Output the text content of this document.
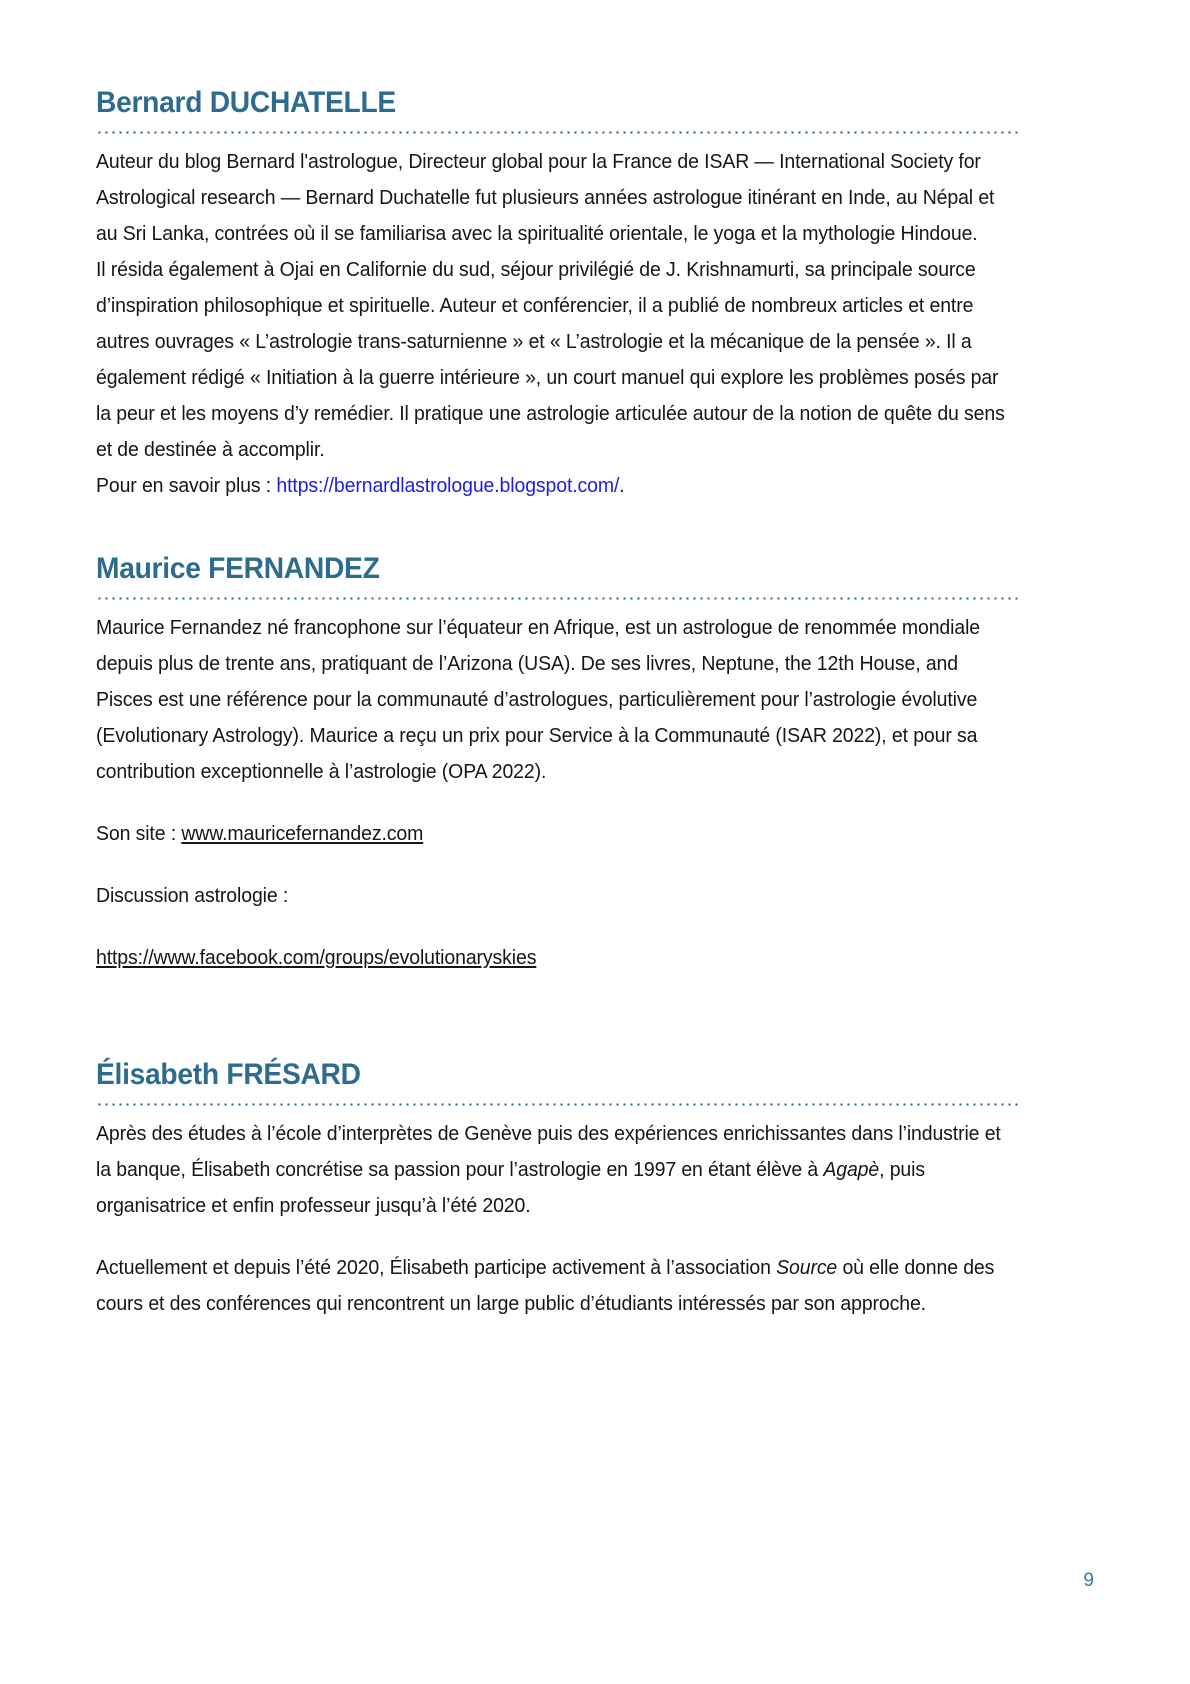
Bernard DUCHATELLE

Auteur du blog Bernard l'astrologue, Directeur global pour la France de ISAR — International Society for Astrological research — Bernard Duchatelle fut plusieurs années astrologue itinérant en Inde, au Népal et au Sri Lanka, contrées où il se familiarisa avec la spiritualité orientale, le yoga et la mythologie Hindoue.

Il résida également à Ojai en Californie du sud, séjour privilégié de J. Krishnamurti, sa principale source d’inspiration philosophique et spirituelle. Auteur et conférencier, il a publié de nombreux articles et entre autres ouvrages « L’astrologie trans-saturnienne » et « L’astrologie et la mécanique de la pensée ». Il a également rédigé « Initiation à la guerre intérieure », un court manuel qui explore les problèmes posés par la peur et les moyens d’y remédier. Il pratique une astrologie articulée autour de la notion de quête du sens et de destinée à accomplir.

Pour en savoir plus : https://bernardlastrologue.blogspot.com/.

Maurice FERNANDEZ

Maurice Fernandez né francophone sur l’équateur en Afrique, est un astrologue de renommée mondiale depuis plus de trente ans, pratiquant de l’Arizona (USA). De ses livres, Neptune, the 12th House, and Pisces est une référence pour la communauté d’astrologues, particulièrement pour l’astrologie évolutive (Evolutionary Astrology). Maurice a reçu un prix pour Service à la Communauté (ISAR 2022), et pour sa contribution exceptionnelle à l’astrologie (OPA 2022).

Son site : www.mauricefernandez.com

Discussion astrologie :

https://www.facebook.com/groups/evolutionaryskies

Élisabeth FRÉSARD

Après des études à l’école d’interprètes de Genève puis des expériences enrichissantes dans l’industrie et la banque, Élisabeth concrétise sa passion pour l’astrologie en 1997 en étant élève à Agapè, puis organisatrice et enfin professeur jusqu’à l’été 2020.

Actuellement et depuis l’été 2020, Élisabeth participe activement à l’association Source où elle donne des cours et des conférences qui rencontrent un large public d’étudiants intéressés par son approche.

9
